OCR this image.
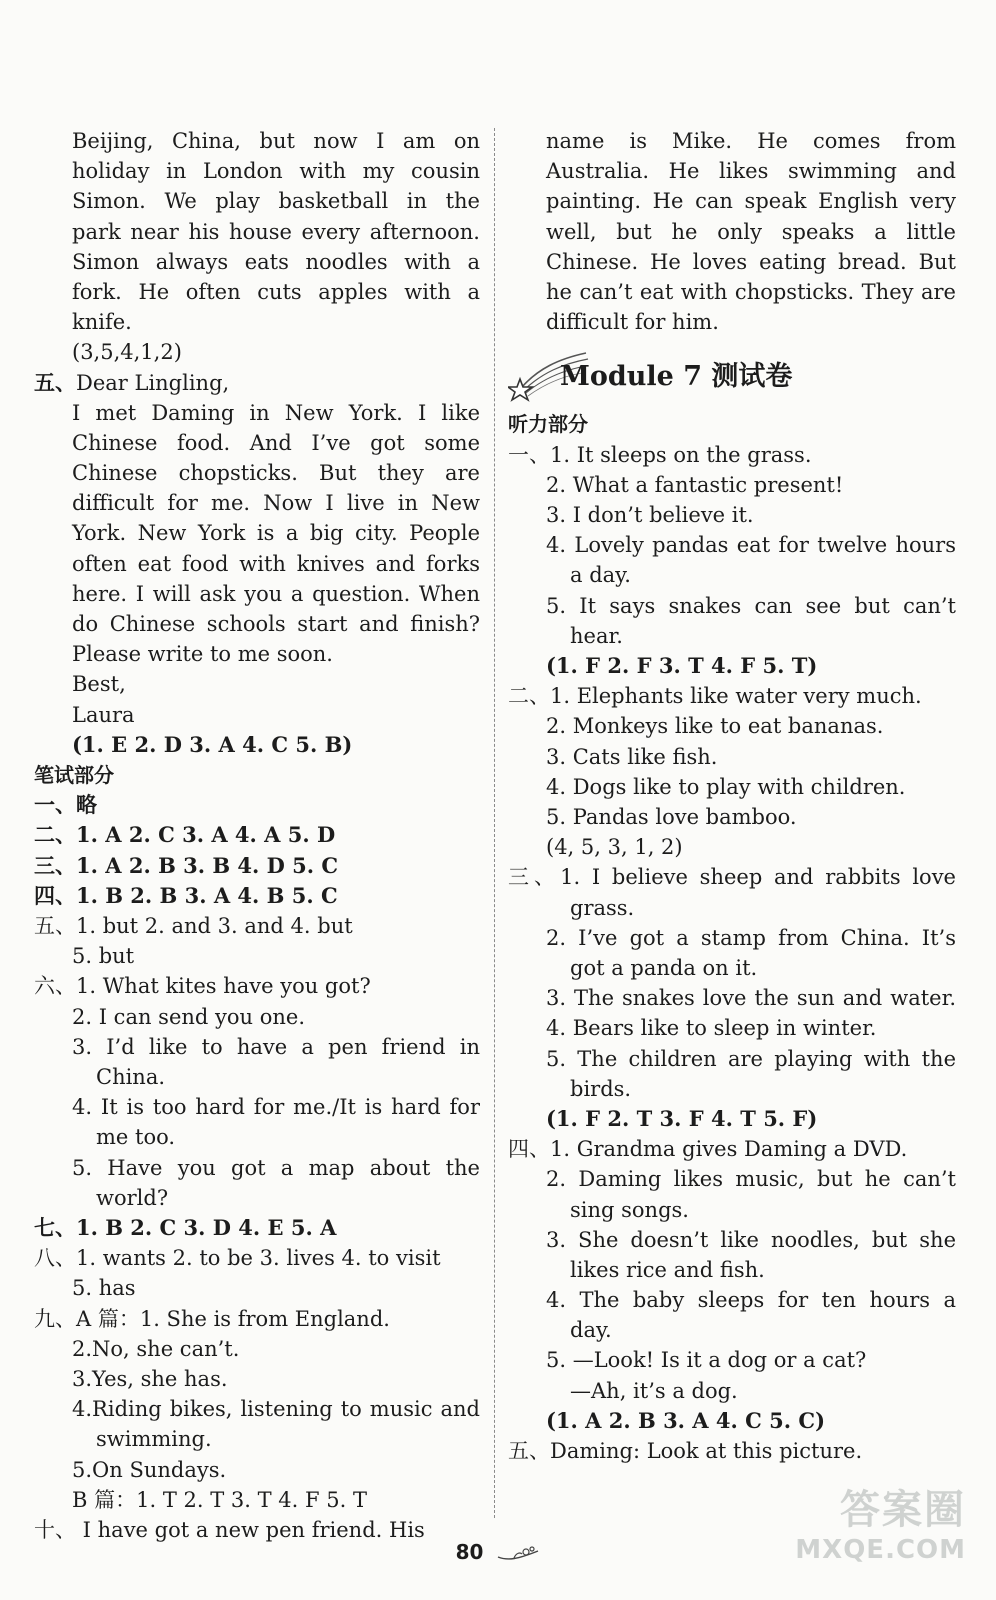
Beijing, China, but now I am on
holiday in London with my cousin
Simon. We play basketball in the
park near his house every afternoon.
Simon always eats noodles with a
fork. He often cuts apples with a
knife.
(3,5,4,1,2)
五、Dear Lingling,
I met Daming in New York. I like
Chinese food. And I’ve got some
Chinese chopsticks. But they are
difficult for me. Now I live in New
York. New York is a big city. People
often eat food with knives and forks
here. I will ask you a question. When
do Chinese schools start and finish?
Please write to me soon.
Best,
Laura
(1. E 2. D 3. A 4. C 5. B)
笔试部分
一、略
二、1. A 2. C 3. A 4. A 5. D
三、1. A 2. B 3. B 4. D 5. C
四、1. B 2. B 3. A 4. B 5. C
五、1. but 2. and 3. and 4. but
5. but
六、1. What kites have you got?
2. I can send you one.
3. I’d like to have a pen friend in
China.
4. It is too hard for me./It is hard for
me too.
5. Have you got a map about the
world?
七、1. B 2. C 3. D 4. E 5. A
八、1. wants 2. to be 3. lives 4. to visit
5. has
九、A 篇：1. She is from England.
2.No, she can’t.
3.Yes, she has.
4.Riding bikes, listening to music and
swimming.
5.On Sundays.
B 篇：1. T 2. T 3. T 4. F 5. T
十、 I have got a new pen friend. His
name is Mike. He comes from
Australia. He likes swimming and
painting. He can speak English very
well, but he only speaks a little
Chinese. He loves eating bread. But
he can’t eat with chopsticks. They are
difficult for him.
Module 7 测试卷
听力部分
一、1. It sleeps on the grass.
2. What a fantastic present!
3. I don’t believe it.
4. Lovely pandas eat for twelve hours
a day.
5. It says snakes can see but can’t
hear.
(1. F 2. F 3. T 4. F 5. T)
二、1. Elephants like water very much.
2. Monkeys like to eat bananas.
3. Cats like fish.
4. Dogs like to play with children.
5. Pandas love bamboo.
(4, 5, 3, 1, 2)
三、1. I believe sheep and rabbits love
grass.
2. I’ve got a stamp from China. It’s
got a panda on it.
3. The snakes love the sun and water.
4. Bears like to sleep in winter.
5. The children are playing with the
birds.
(1. F 2. T 3. F 4. T 5. F)
四、1. Grandma gives Daming a DVD.
2. Daming likes music, but he can’t
sing songs.
3. She doesn’t like noodles, but she
likes rice and fish.
4. The baby sleeps for ten hours a
day.
5. —Look! Is it a dog or a cat?
—Ah, it’s a dog.
(1. A 2. B 3. A 4. C 5. C)
五、Daming: Look at this picture.
80
答案圈
MXQE.COM
